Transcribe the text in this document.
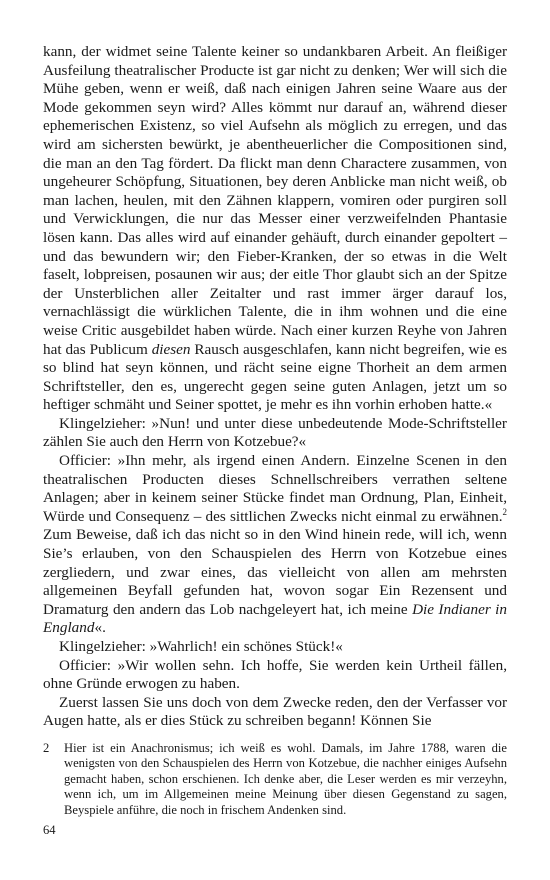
kann, der widmet seine Talente keiner so undankbaren Arbeit. An fleißiger Ausfeilung theatralischer Producte ist gar nicht zu denken; Wer will sich die Mühe geben, wenn er weiß, daß nach einigen Jahren seine Waare aus der Mode gekommen seyn wird? Alles kömmt nur darauf an, während dieser ephemerischen Existenz, so viel Aufsehn als möglich zu erregen, und das wird am sichersten bewürkt, je abentheuerlicher die Compositionen sind, die man an den Tag fördert. Da flickt man denn Charactere zusammen, von ungeheurer Schöpfung, Situationen, bey deren Anblicke man nicht weiß, ob man lachen, heulen, mit den Zähnen klappern, vomiren oder purgiren soll und Verwicklungen, die nur das Messer einer verzweifelnden Phantasie lösen kann. Das alles wird auf einander gehäuft, durch einander gepoltert – und das bewundern wir; den Fieber-Kranken, der so etwas in die Welt faselt, lobpreisen, posaunen wir aus; der eitle Thor glaubt sich an der Spitze der Unsterblichen aller Zeitalter und rast immer ärger darauf los, vernachlässigt die würklichen Talente, die in ihm wohnen und die eine weise Critic ausgebildet haben würde. Nach einer kurzen Reyhe von Jahren hat das Publicum diesen Rausch ausgeschlafen, kann nicht begreifen, wie es so blind hat seyn können, und rächt seine eigne Thorheit an dem armen Schriftsteller, den es, ungerecht gegen seine guten Anlagen, jetzt um so heftiger schmäht und Seiner spottet, je mehr es ihn vorhin erhoben hatte.«

Klingelzieher: »Nun! und unter diese unbedeutende Mode-Schriftsteller zählen Sie auch den Herrn von Kotzebue?«

Officier: »Ihn mehr, als irgend einen Andern. Einzelne Scenen in den theatralischen Producten dieses Schnellschreibers verrathen seltene Anlagen; aber in keinem seiner Stücke findet man Ordnung, Plan, Einheit, Würde und Consequenz – des sittlichen Zwecks nicht einmal zu erwähnen.$^2$ Zum Beweise, daß ich das nicht so in den Wind hinein rede, will ich, wenn Sie’s erlauben, von den Schauspielen des Herrn von Kotzebue eines zergliedern, und zwar eines, das vielleicht von allen am mehrsten allgemeinen Beyfall gefunden hat, wovon sogar Ein Rezensent und Dramaturg den andern das Lob nachgeleyert hat, ich meine Die Indianer in England«.

Klingelzieher: »Wahrlich! ein schönes Stück!«

Officier: »Wir wollen sehn. Ich hoffe, Sie werden kein Urtheil fällen, ohne Gründe erwogen zu haben.

Zuerst lassen Sie uns doch von dem Zwecke reden, den der Verfasser vor Augen hatte, als er dies Stück zu schreiben begann! Können Sie

2	Hier ist ein Anachronismus; ich weiß es wohl. Damals, im Jahre 1788, waren die wenigsten von den Schauspielen des Herrn von Kotzebue, die nachher einiges Aufsehn gemacht haben, schon erschienen. Ich denke aber, die Leser werden es mir verzeyhn, wenn ich, um im Allgemeinen meine Meinung über diesen Gegenstand zu sagen, Beyspiele anführe, die noch in frischem Andenken sind.
64
